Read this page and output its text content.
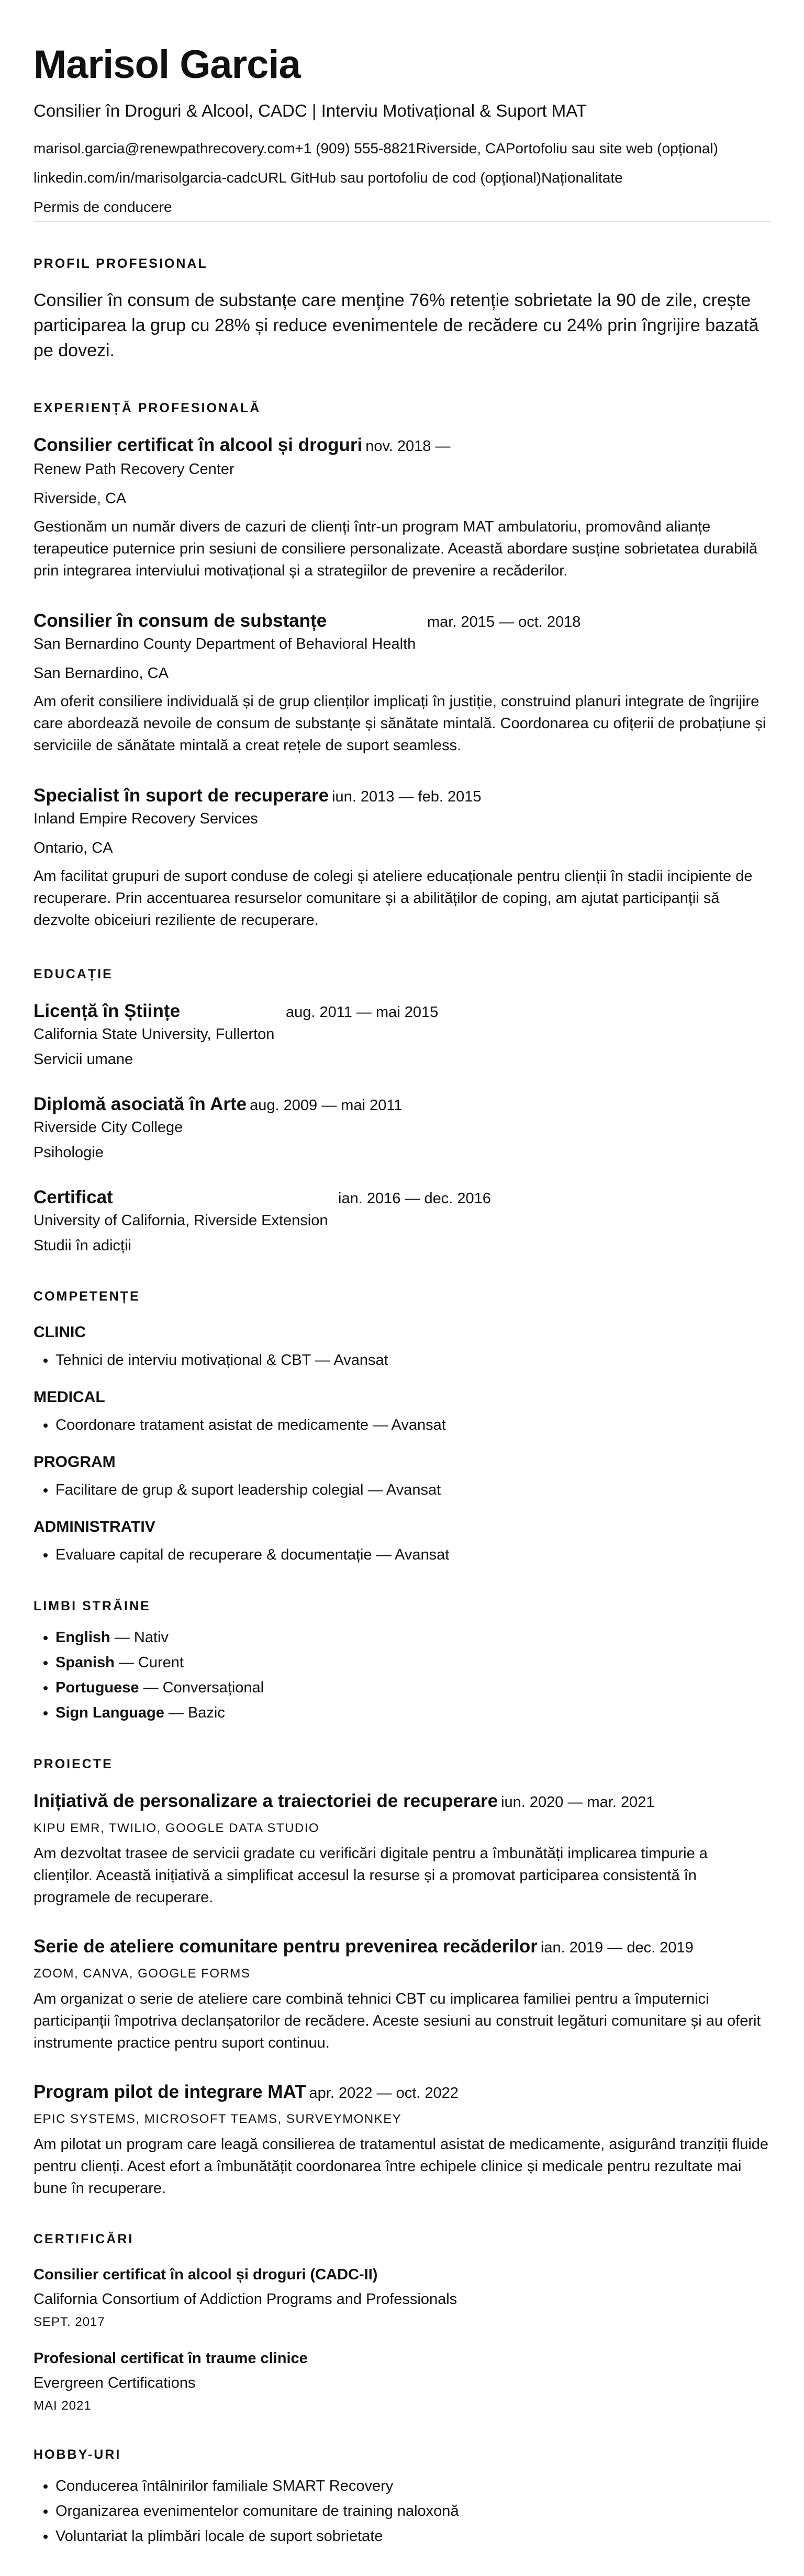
Marisol Garcia
Consilier în Droguri & Alcool, CADC | Interviu Motivațional & Suport MAT
marisol.garcia@renewpathrecovery.com+1 (909) 555-8821Riverside, CAPortofoliu sau site web (opțional)
linkedin.com/in/marisolgarcia-cadcURL GitHub sau portofoliu de cod (opțional)Naționalitate
Permis de conducere
PROFIL PROFESIONAL
Consilier în consum de substanțe care menține 76% retenție sobrietate la 90 de zile, crește participarea la grup cu 28% și reduce evenimentele de recădere cu 24% prin îngrijire bazată pe dovezi.
EXPERIENȚĂ PROFESIONALĂ
Consilier certificat în alcool și droguri nov. 2018 —
Renew Path Recovery Center
Riverside, CA
Gestionăm un număr divers de cazuri de clienți într-un program MAT ambulatoriu, promovând alianțe terapeutice puternice prin sesiuni de consiliere personalizate. Această abordare susține sobrietatea durabilă prin integrarea interviului motivațional și a strategiilor de prevenire a recăderilor.
Consilier în consum de substanțe	mar. 2015 — oct. 2018
San Bernardino County Department of Behavioral Health
San Bernardino, CA
Am oferit consiliere individuală și de grup clienților implicați în justiție, construind planuri integrate de îngrijire care abordează nevoile de consum de substanțe și sănătate mintală. Coordonarea cu ofițerii de probațiune și serviciile de sănătate mintală a creat rețele de suport seamless.
Specialist în suport de recuperare iun. 2013 — feb. 2015
Inland Empire Recovery Services
Ontario, CA
Am facilitat grupuri de suport conduse de colegi și ateliere educaționale pentru clienții în stadii incipiente de recuperare. Prin accentuarea resurselor comunitare și a abilităților de coping, am ajutat participanții să dezvolte obiceiuri reziliente de recuperare.
EDUCAȚIE
Licență în Științe	aug. 2011 — mai 2015
California State University, Fullerton
Servicii umane
Diplomă asociată în Arte aug. 2009 — mai 2011
Riverside City College
Psihologie
Certificat	ian. 2016 — dec. 2016
University of California, Riverside Extension
Studii în adicții
COMPETENȚE
CLINIC
• Tehnici de interviu motivațional & CBT — Avansat
MEDICAL
• Coordonare tratament asistat de medicamente — Avansat
PROGRAM
• Facilitare de grup & suport leadership colegial — Avansat
ADMINISTRATIV
• Evaluare capital de recuperare & documentație — Avansat
LIMBI STRĂINE
• English — Nativ
• Spanish — Curent
• Portuguese — Conversațional
• Sign Language — Bazic
PROIECTE
Inițiativă de personalizare a traiectoriei de recuperare iun. 2020 — mar. 2021
KIPU EMR, TWILIO, GOOGLE DATA STUDIO
Am dezvoltat trasee de servicii gradate cu verificări digitale pentru a îmbunătăți implicarea timpurie a clienților. Această inițiativă a simplificat accesul la resurse și a promovat participarea consistentă în programele de recuperare.
Serie de ateliere comunitare pentru prevenirea recăderilor ian. 2019 — dec. 2019
ZOOM, CANVA, GOOGLE FORMS
Am organizat o serie de ateliere care combină tehnici CBT cu implicarea familiei pentru a împuternici participanții împotriva declanșatorilor de recădere. Aceste sesiuni au construit legături comunitare și au oferit instrumente practice pentru suport continuu.
Program pilot de integrare MAT apr. 2022 — oct. 2022
EPIC SYSTEMS, MICROSOFT TEAMS, SURVEYMONKEY
Am pilotat un program care leagă consilierea de tratamentul asistat de medicamente, asigurând tranziții fluide pentru clienți. Acest efort a îmbunătățit coordonarea între echipele clinice și medicale pentru rezultate mai bune în recuperare.
CERTIFICĂRI
Consilier certificat în alcool și droguri (CADC-II)
California Consortium of Addiction Programs and Professionals
SEPT. 2017
Profesional certificat în traume clinice
Evergreen Certifications
MAI 2021
HOBBY-URI
• Conducerea întâlnirilor familiale SMART Recovery
• Organizarea evenimentelor comunitare de training naloxonă
• Voluntariat la plimbări locale de suport sobrietate
